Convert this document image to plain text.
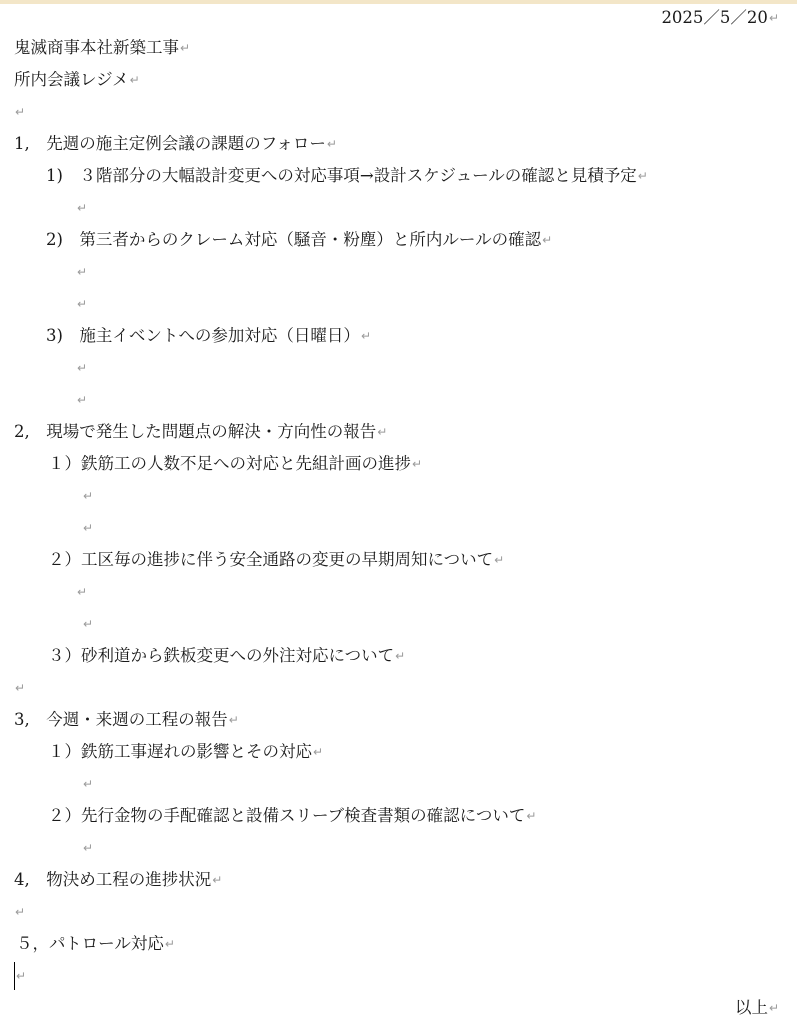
2025／5／20↵
鬼滅商事本社新築工事↵
所内会議レジメ↵
↵
1,　先週の施主定例会議の課題のフォロー↵
1)　３階部分の大幅設計変更への対応事項→設計スケジュールの確認と見積予定↵
↵
2)　第三者からのクレーム対応（騒音・粉塵）と所内ルールの確認↵
↵
↵
3)　施主イベントへの参加対応（日曜日）↵
↵
↵
2,　現場で発生した問題点の解決・方向性の報告↵
１）鉄筋工の人数不足への対応と先組計画の進捗↵
↵
↵
２）工区毎の進捗に伴う安全通路の変更の早期周知について↵
↵
↵
３）砂利道から鉄板変更への外注対応について↵
↵
3,　今週・来週の工程の報告↵
１）鉄筋工事遅れの影響とその対応↵
↵
２）先行金物の手配確認と設備スリーブ検査書類の確認について↵
↵
4,　物決め工程の進捗状況↵
↵
５，パトロール対応↵
↵
以上↵
